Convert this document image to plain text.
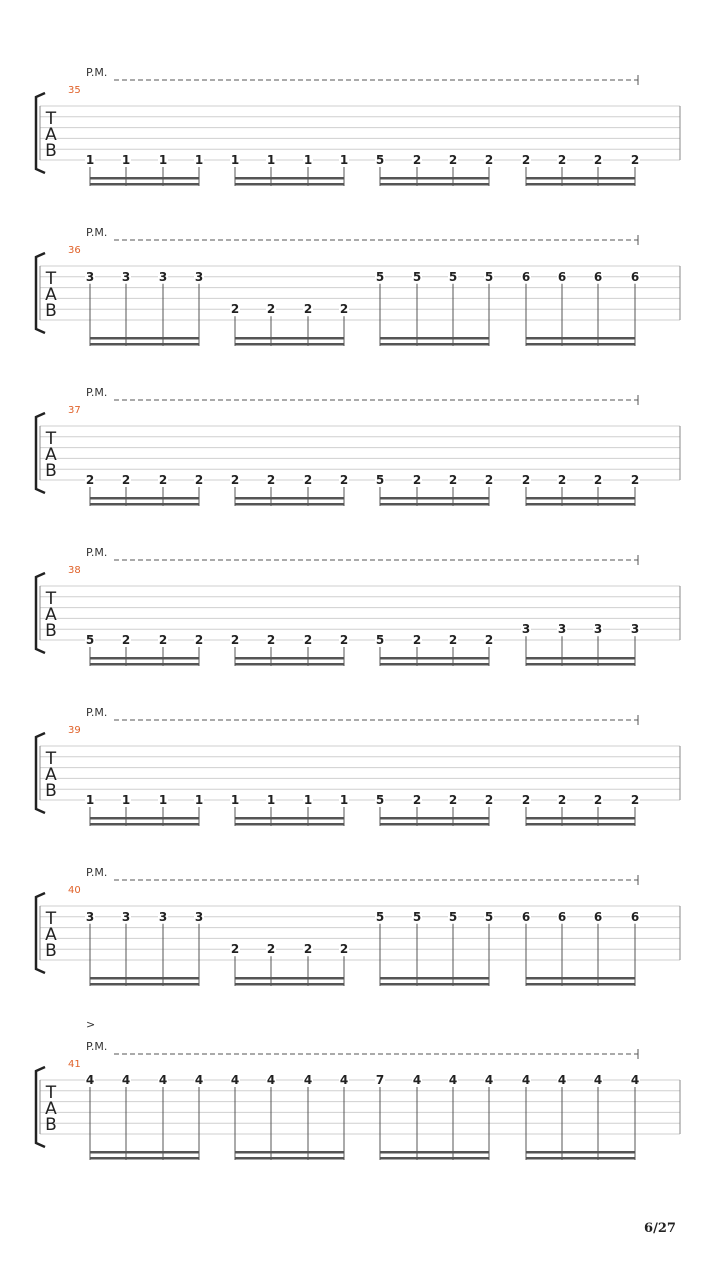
P.M.
35
T
A
B 1 1 1 1 1 1 1 1 5 2 2 2 2 2 2 2
P.M.
36
T
A
B
3 3 3 3
2 2 2 2
5 5 5 5 6 6 6 6
P.M.
37
T
A
B 2 2 2 2 2 2 2 2 5 2 2 2 2 2 2 2
P.M.
38
T
A
B 5 2 2 2 2 2 2 2 5 2 2 2
3 3 3 3
P.M.
39
T
A
B 1 1 1 1 1 1 1 1 5 2 2 2 2 2 2 2
P.M.
40
T
A
B
3 3 3 3
2 2 2 2
5 5 5 5 6 6 6 6
>
P.M.
41
T
A
B
4 4 4 4 4 4 4 4 7 4 4 4 4 4 4 4
6/27
